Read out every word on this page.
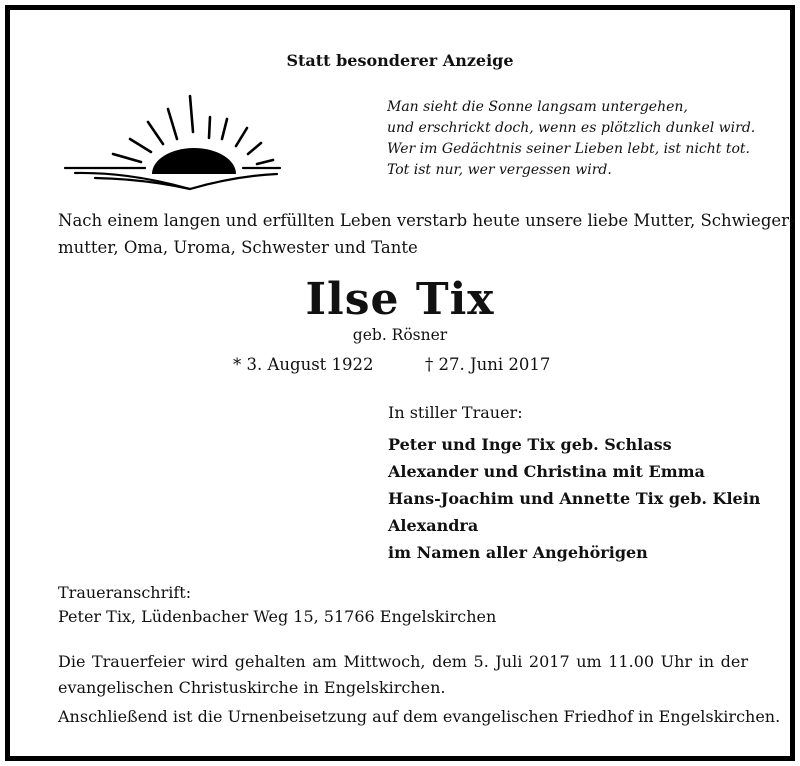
Statt besonderer Anzeige

Man sieht die Sonne langsam untergehen,
und erschrickt doch, wenn es plötzlich dunkel wird.
Wer im Gedächtnis seiner Lieben lebt, ist nicht tot.
Tot ist nur, wer vergessen wird.
Nach einem langen und erfüllten Leben verstarb heute unsere liebe Mutter, Schwieger-
mutter, Oma, Uroma, Schwester und Tante

Ilse Tix

geb. Rösner

* 3. August 1922	† 27. Juni 2017

In stiller Trauer:

Peter und Inge Tix geb. Schlass
Alexander und Christina mit Emma
Hans-Joachim und Annette Tix geb. Klein
Alexandra
im Namen aller Angehörigen

Traueranschrift:

Peter Tix, Lüdenbacher Weg 15, 51766 Engelskirchen

Die Trauerfeier wird gehalten am Mittwoch, dem 5. Juli 2017 um 11.00 Uhr in der
evangelischen Christuskirche in Engelskirchen.

Anschließend ist die Urnenbeisetzung auf dem evangelischen Friedhof in Engelskirchen.
